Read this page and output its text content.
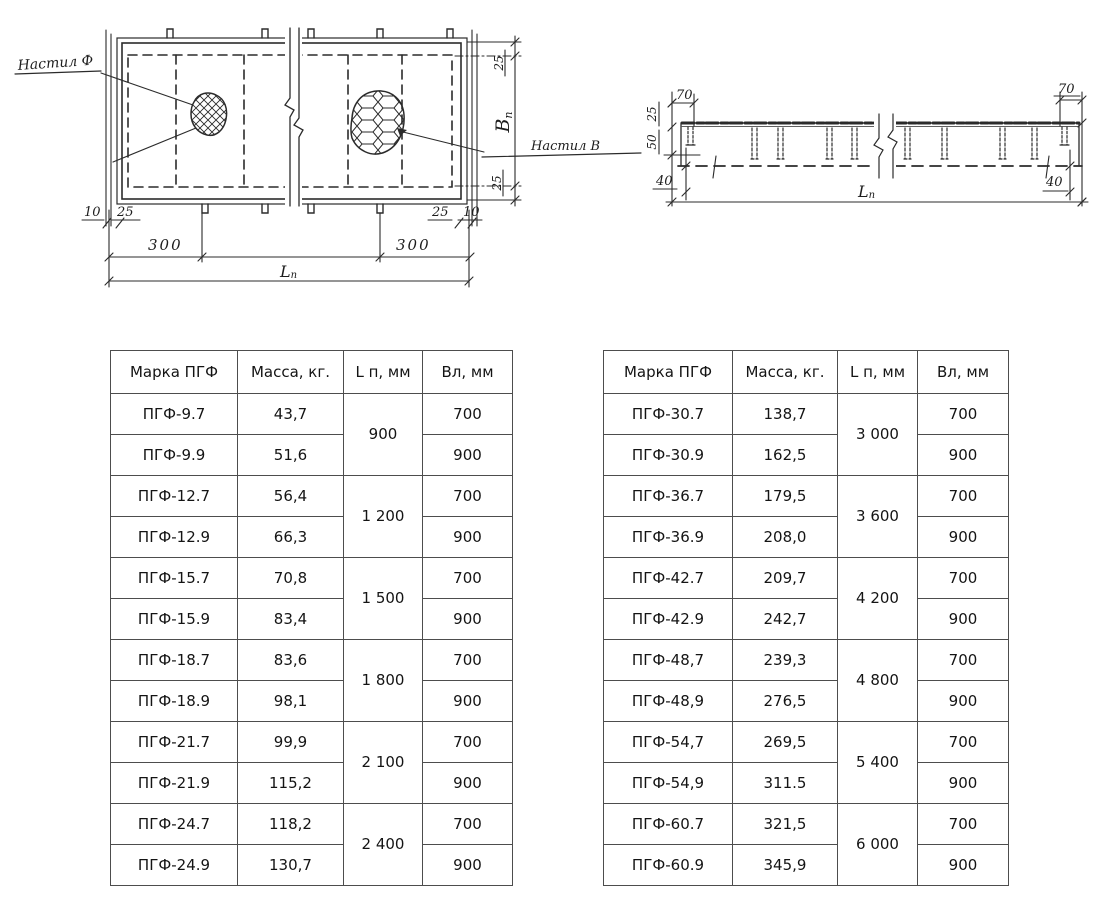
Настил Ф
Настил В
25
25
Вп
10 25	25 10
300	300
Lп
25
50
40
70	70
40
Lп
Марка ПГФ	Масса, кг.	L п, мм	Вл, мм
ПГФ-9.7	43,7	900	700
ПГФ-9.9	51,6		900
ПГФ-12.7	56,4	1 200	700
ПГФ-12.9	66,3		900
ПГФ-15.7	70,8	1 500	700
ПГФ-15.9	83,4		900
ПГФ-18.7	83,6	1 800	700
ПГФ-18.9	98,1		900
ПГФ-21.7	99,9	2 100	700
ПГФ-21.9	115,2		900
ПГФ-24.7	118,2	2 400	700
ПГФ-24.9	130,7		900
Марка ПГФ	Масса, кг.	L п, мм	Вл, мм
ПГФ-30.7	138,7	3 000	700
ПГФ-30.9	162,5		900
ПГФ-36.7	179,5	3 600	700
ПГФ-36.9	208,0		900
ПГФ-42.7	209,7	4 200	700
ПГФ-42.9	242,7		900
ПГФ-48,7	239,3	4 800	700
ПГФ-48,9	276,5		900
ПГФ-54,7	269,5	5 400	700
ПГФ-54,9	311.5		900
ПГФ-60.7	321,5	6 000	700
ПГФ-60.9	345,9		900
